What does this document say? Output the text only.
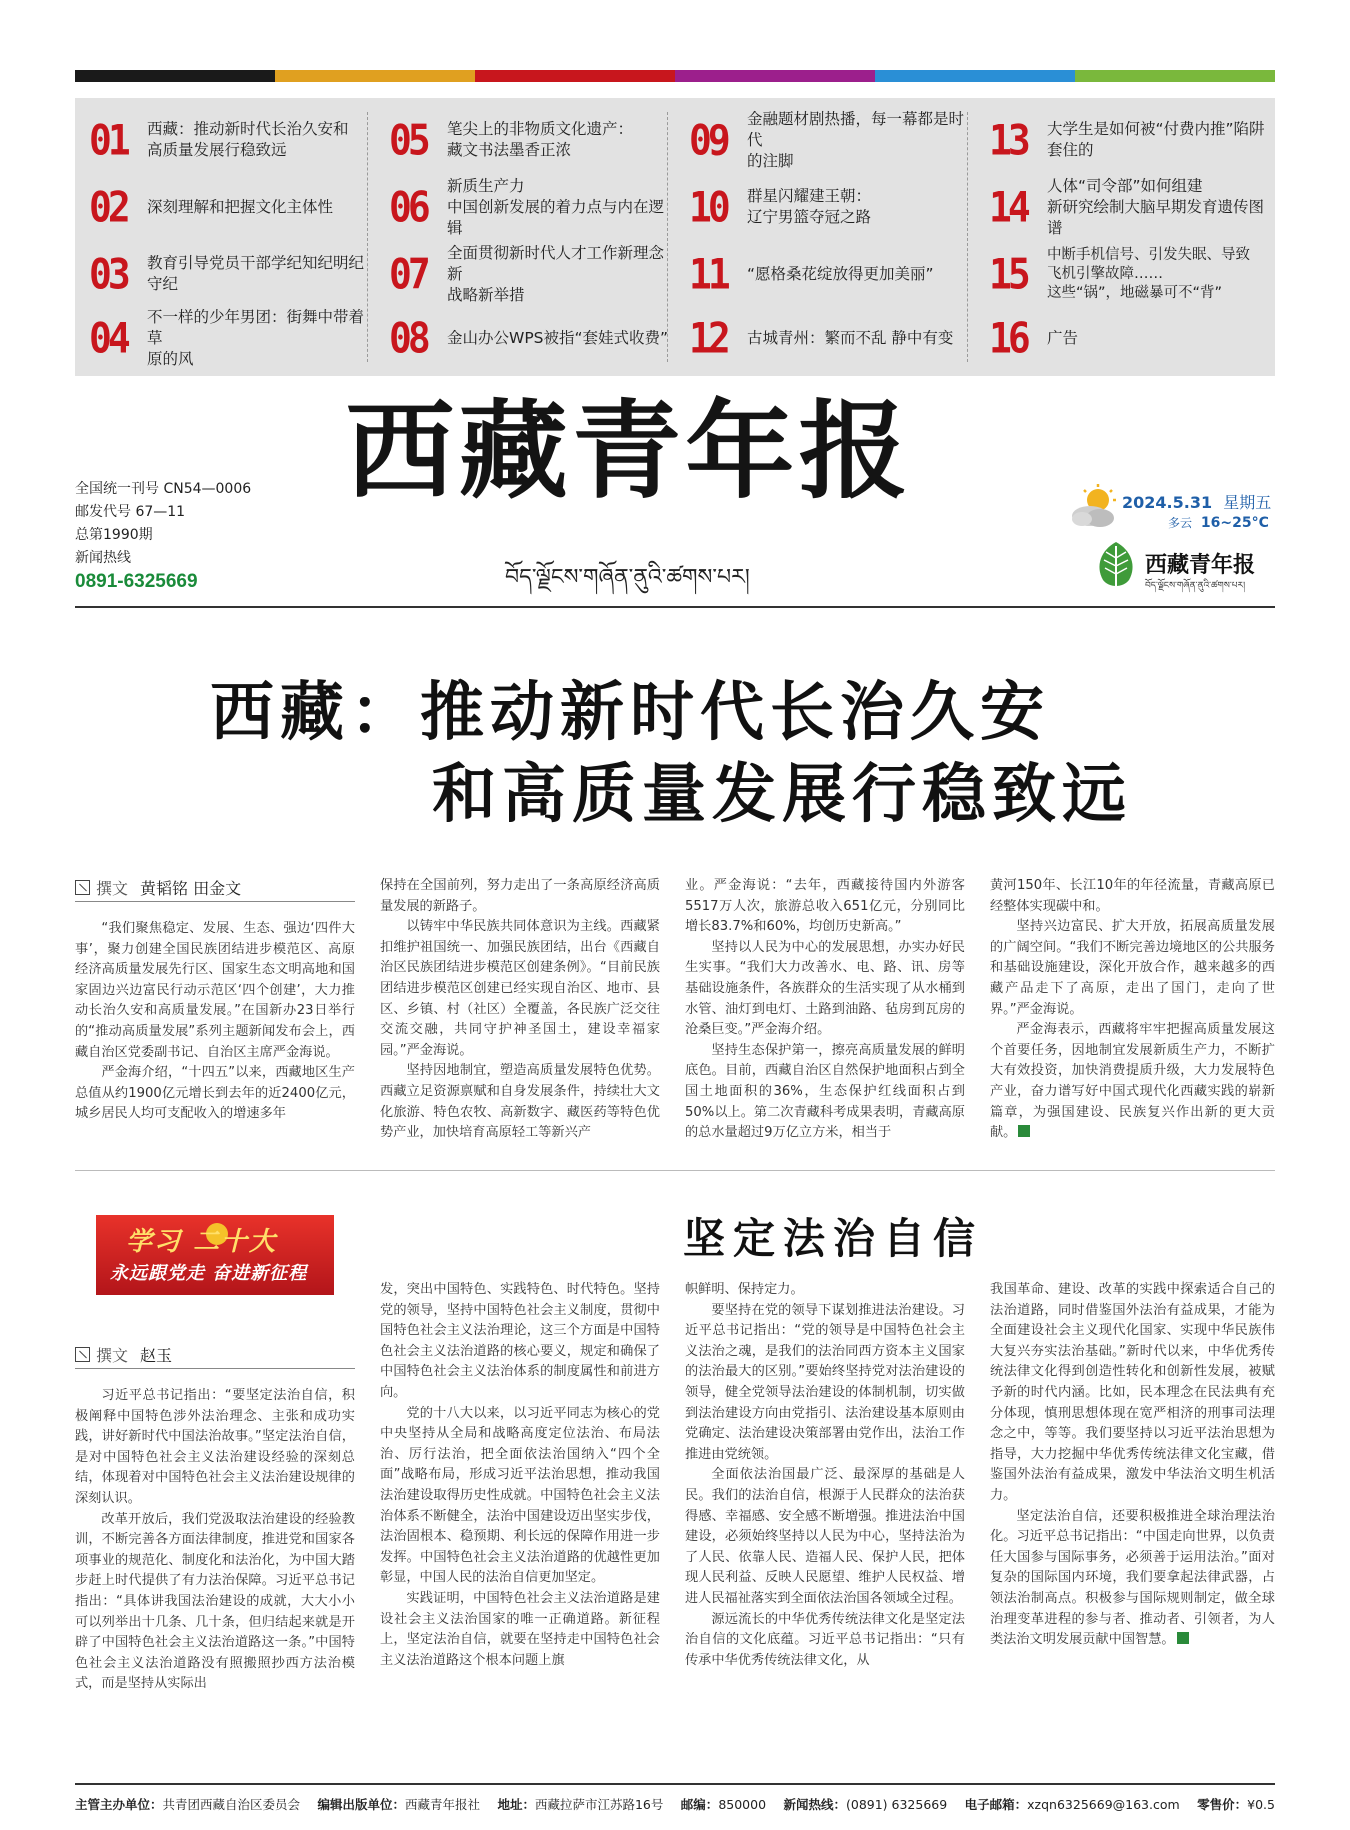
01	西藏：推动新时代长治久安和
高质量发展行稳致远
02	深刻理解和把握文化主体性
03	教育引导党员干部学纪知纪明纪
守纪
04	不一样的少年男团：街舞中带着草
原的风
05	笔尖上的非物质文化遗产：
藏文书法墨香正浓
06	新质生产力
中国创新发展的着力点与内在逻辑
07	全面贯彻新时代人才工作新理念新
战略新举措
08	金山办公WPS被指“套娃式收费”
09	金融题材剧热播，每一幕都是时代
的注脚
10	群星闪耀建王朝：
辽宁男篮夺冠之路
11	“愿格桑花绽放得更加美丽”
12	古城青州：繁而不乱 静中有变
13	大学生是如何被“付费内推”陷阱
套住的
14	人体“司令部”如何组建
新研究绘制大脑早期发育遗传图谱
15	中断手机信号、引发失眠、导致
飞机引擎故障……
这些“锅”，地磁暴可不“背”
16	广告
西藏青年报
བོད་ལྗོངས་གཞོན་ནུའི་ཚགས་པར།
全国统一刊号 CN54—0006
邮发代号 67—11
总第1990期
新闻热线
0891-6325669
2024.5.31 星期五
多云 16~25°C
西藏青年报
བོད་ལྗོངས་གཞོན་ནུའི་ཚགས་པར།
西藏：推动新时代长治久安
和高质量发展行稳致远
撰文 黄韬铭 田金文

“我们聚焦稳定、发展、生态、强边‘四件大事’，聚力创建全国民族团结进步模范区、高原经济高质量发展先行区、国家生态文明高地和国家固边兴边富民行动示范区‘四个创建’，大力推动长治久安和高质量发展。”在国新办23日举行的“推动高质量发展”系列主题新闻发布会上，西藏自治区党委副书记、自治区主席严金海说。

严金海介绍，“十四五”以来，西藏地区生产总值从约1900亿元增长到去年的近2400亿元，城乡居民人均可支配收入的增速多年

保持在全国前列，努力走出了一条高原经济高质量发展的新路子。

以铸牢中华民族共同体意识为主线。西藏紧扣维护祖国统一、加强民族团结，出台《西藏自治区民族团结进步模范区创建条例》。“目前民族团结进步模范区创建已经实现自治区、地市、县区、乡镇、村（社区）全覆盖，各民族广泛交往交流交融，共同守护神圣国土，建设幸福家园。”严金海说。

坚持因地制宜，塑造高质量发展特色优势。西藏立足资源禀赋和自身发展条件，持续壮大文化旅游、特色农牧、高新数字、藏医药等特色优势产业，加快培育高原轻工等新兴产

业。严金海说：“去年，西藏接待国内外游客5517万人次，旅游总收入651亿元，分别同比增长83.7%和60%，均创历史新高。”

坚持以人民为中心的发展思想，办实办好民生实事。“我们大力改善水、电、路、讯、房等基础设施条件，各族群众的生活实现了从水桶到水管、油灯到电灯、土路到油路、毡房到瓦房的沧桑巨变。”严金海介绍。

坚持生态保护第一，擦亮高质量发展的鲜明底色。目前，西藏自治区自然保护地面积占到全国土地面积的36%，生态保护红线面积占到50%以上。第二次青藏科考成果表明，青藏高原的总水量超过9万亿立方米，相当于

黄河150年、长江10年的年径流量，青藏高原已经整体实现碳中和。

坚持兴边富民、扩大开放，拓展高质量发展的广阔空间。“我们不断完善边境地区的公共服务和基础设施建设，深化开放合作，越来越多的西藏产品走下了高原，走出了国门，走向了世界。”严金海说。

严金海表示，西藏将牢牢把握高质量发展这个首要任务，因地制宜发展新质生产力，不断扩大有效投资，加快消费提质升级，大力发展特色产业，奋力谱写好中国式现代化西藏实践的崭新篇章，为强国建设、民族复兴作出新的更大贡献。

坚定法治自信
学习 二十大
永远跟党走 奋进新征程
撰文 赵玉

习近平总书记指出：“要坚定法治自信，积极阐释中国特色涉外法治理念、主张和成功实践，讲好新时代中国法治故事。”坚定法治自信，是对中国特色社会主义法治建设经验的深刻总结，体现着对中国特色社会主义法治建设规律的深刻认识。

改革开放后，我们党汲取法治建设的经验教训，不断完善各方面法律制度，推进党和国家各项事业的规范化、制度化和法治化，为中国大踏步赶上时代提供了有力法治保障。习近平总书记指出：“具体讲我国法治建设的成就，大大小小可以列举出十几条、几十条，但归结起来就是开辟了中国特色社会主义法治道路这一条。”中国特色社会主义法治道路没有照搬照抄西方法治模式，而是坚持从实际出

发，突出中国特色、实践特色、时代特色。坚持党的领导，坚持中国特色社会主义制度，贯彻中国特色社会主义法治理论，这三个方面是中国特色社会主义法治道路的核心要义，规定和确保了中国特色社会主义法治体系的制度属性和前进方向。

党的十八大以来，以习近平同志为核心的党中央坚持从全局和战略高度定位法治、布局法治、厉行法治，把全面依法治国纳入“四个全面”战略布局，形成习近平法治思想，推动我国法治建设取得历史性成就。中国特色社会主义法治体系不断健全，法治中国建设迈出坚实步伐，法治固根本、稳预期、利长远的保障作用进一步发挥。中国特色社会主义法治道路的优越性更加彰显，中国人民的法治自信更加坚定。

实践证明，中国特色社会主义法治道路是建设社会主义法治国家的唯一正确道路。新征程上，坚定法治自信，就要在坚持走中国特色社会主义法治道路这个根本问题上旗

帜鲜明、保持定力。

要坚持在党的领导下谋划推进法治建设。习近平总书记指出：“党的领导是中国特色社会主义法治之魂，是我们的法治同西方资本主义国家的法治最大的区别。”要始终坚持党对法治建设的领导，健全党领导法治建设的体制机制，切实做到法治建设方向由党指引、法治建设基本原则由党确定、法治建设决策部署由党作出，法治工作推进由党统领。

全面依法治国最广泛、最深厚的基础是人民。我们的法治自信，根源于人民群众的法治获得感、幸福感、安全感不断增强。推进法治中国建设，必须始终坚持以人民为中心，坚持法治为了人民、依靠人民、造福人民、保护人民，把体现人民利益、反映人民愿望、维护人民权益、增进人民福祉落实到全面依法治国各领域全过程。

源远流长的中华优秀传统法律文化是坚定法治自信的文化底蕴。习近平总书记指出：“只有传承中华优秀传统法律文化，从

我国革命、建设、改革的实践中探索适合自己的法治道路，同时借鉴国外法治有益成果，才能为全面建设社会主义现代化国家、实现中华民族伟大复兴夯实法治基础。”新时代以来，中华优秀传统法律文化得到创造性转化和创新性发展，被赋予新的时代内涵。比如，民本理念在民法典有充分体现，慎刑思想体现在宽严相济的刑事司法理念之中，等等。我们要坚持以习近平法治思想为指导，大力挖掘中华优秀传统法律文化宝藏，借鉴国外法治有益成果，激发中华法治文明生机活力。

坚定法治自信，还要积极推进全球治理法治化。习近平总书记指出：“中国走向世界，以负责任大国参与国际事务，必须善于运用法治。”面对复杂的国际国内环境，我们要拿起法律武器，占领法治制高点。积极参与国际规则制定，做全球治理变革进程的参与者、推动者、引领者，为人类法治文明发展贡献中国智慧。

主管主办单位：共青团西藏自治区委员会 编辑出版单位：西藏青年报社 地址：西藏拉萨市江苏路16号 邮编：850000 新闻热线：(0891) 6325669 电子邮箱：xzqn6325669@163.com 零售价：¥0.5
